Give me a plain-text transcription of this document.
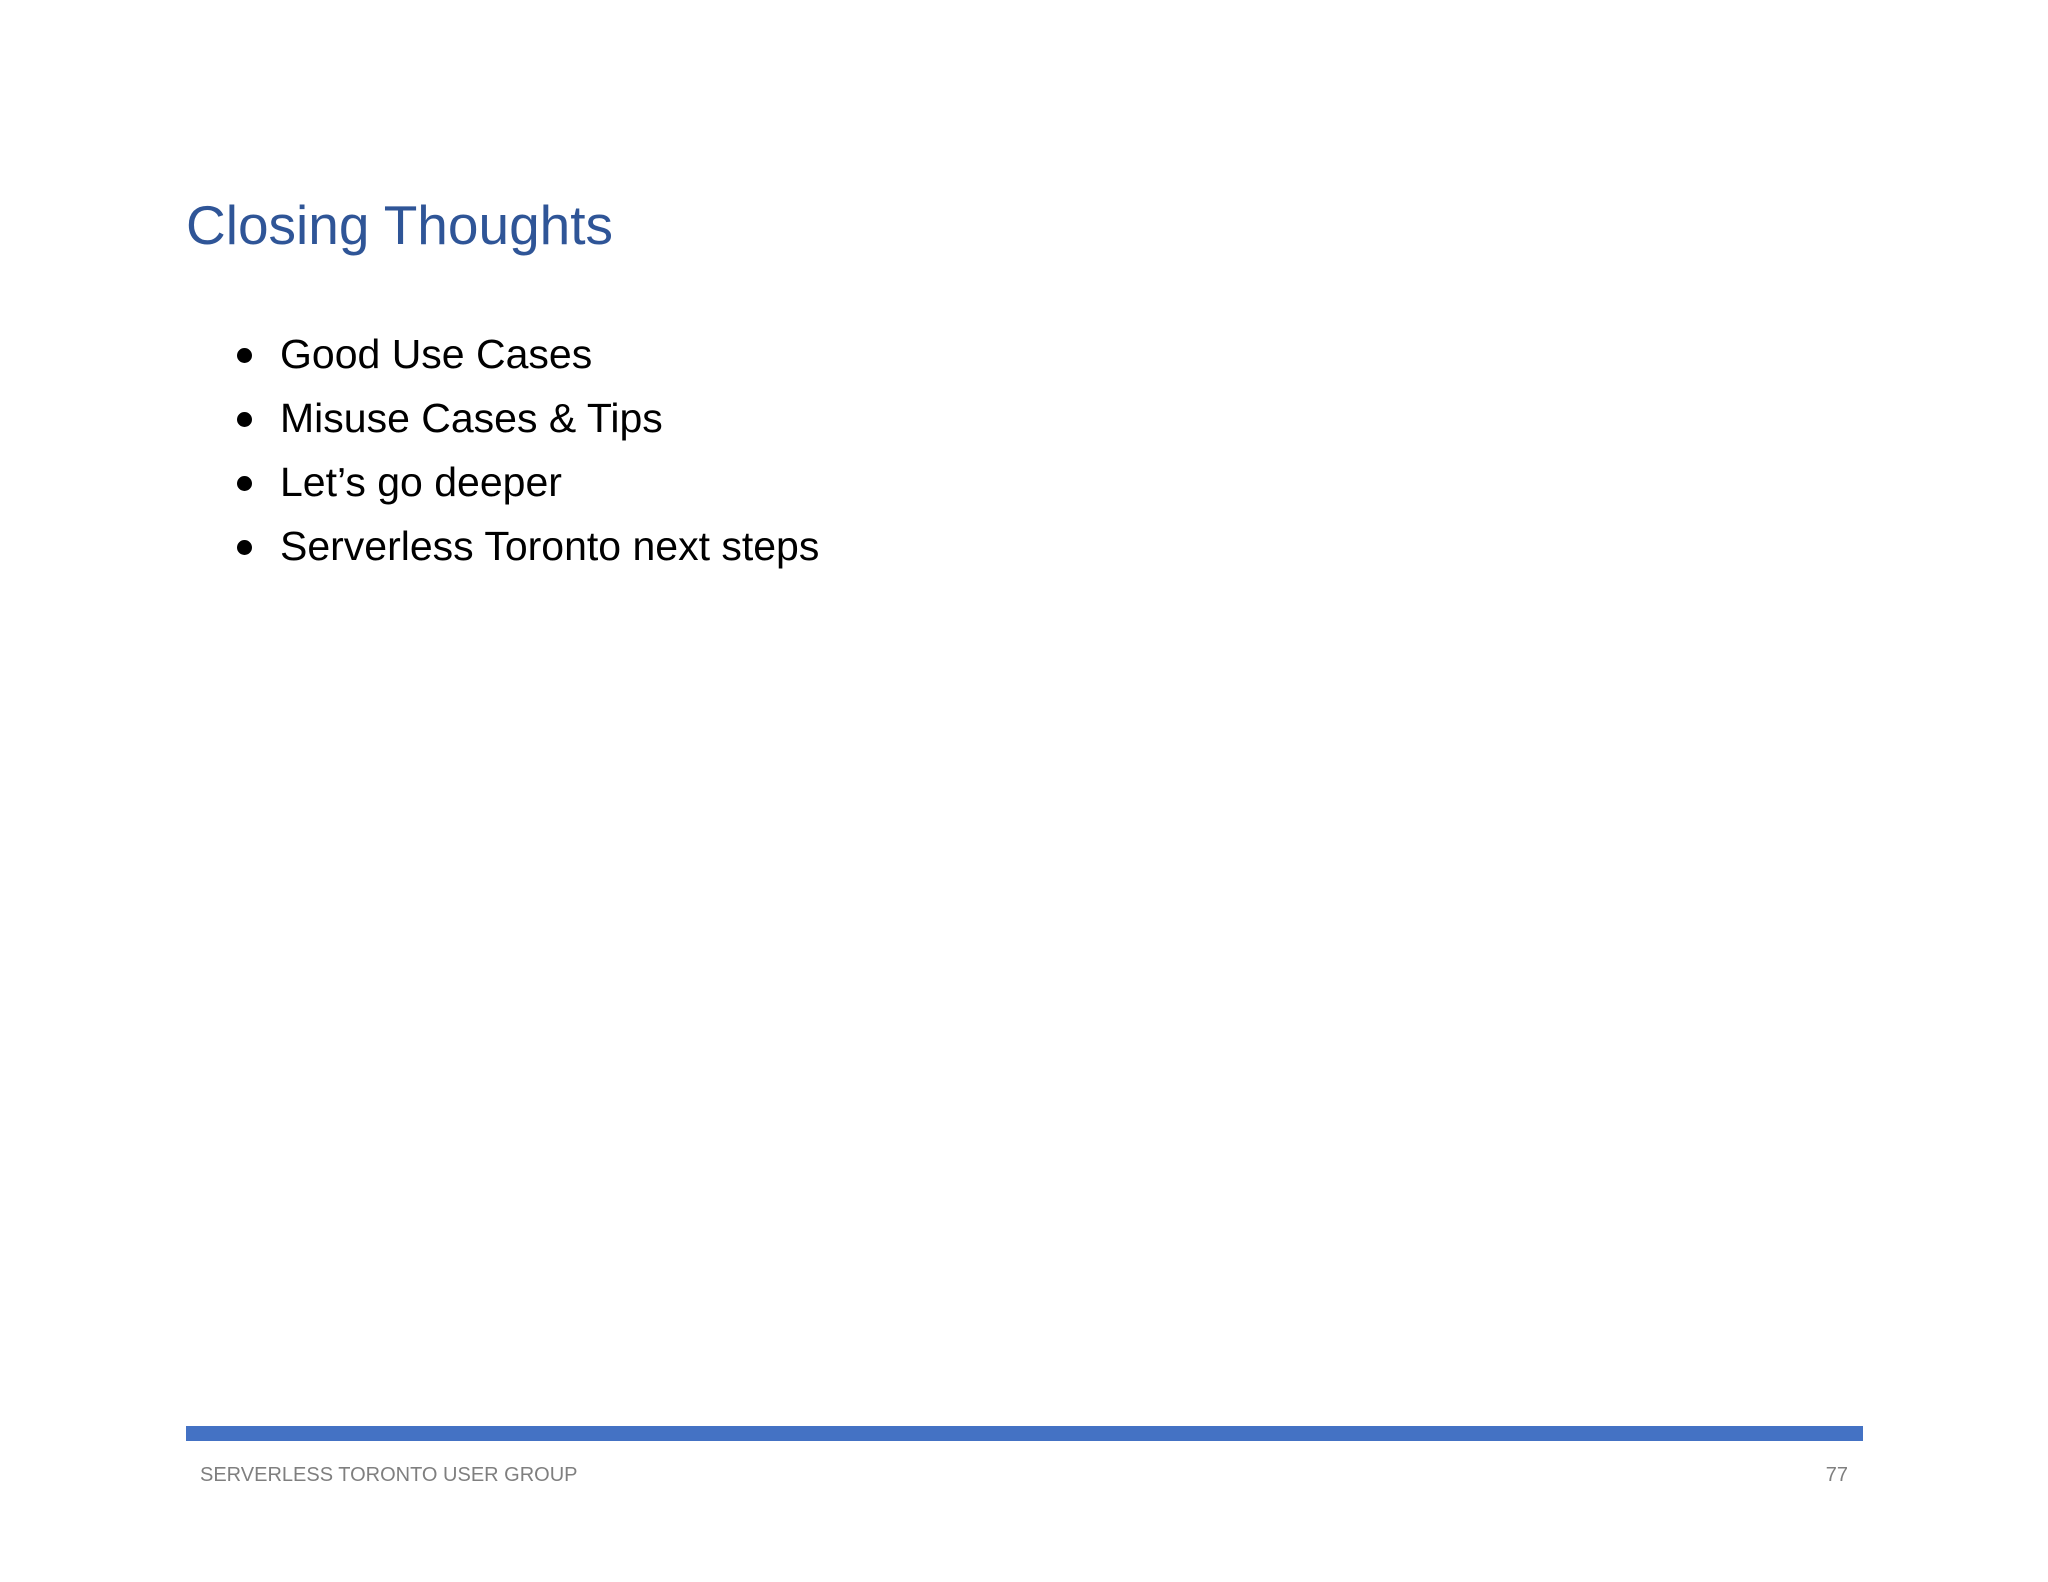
Closing Thoughts
Good Use Cases
Misuse Cases & Tips
Let’s go deeper
Serverless Toronto next steps
SERVERLESS TORONTO USER GROUP	77
